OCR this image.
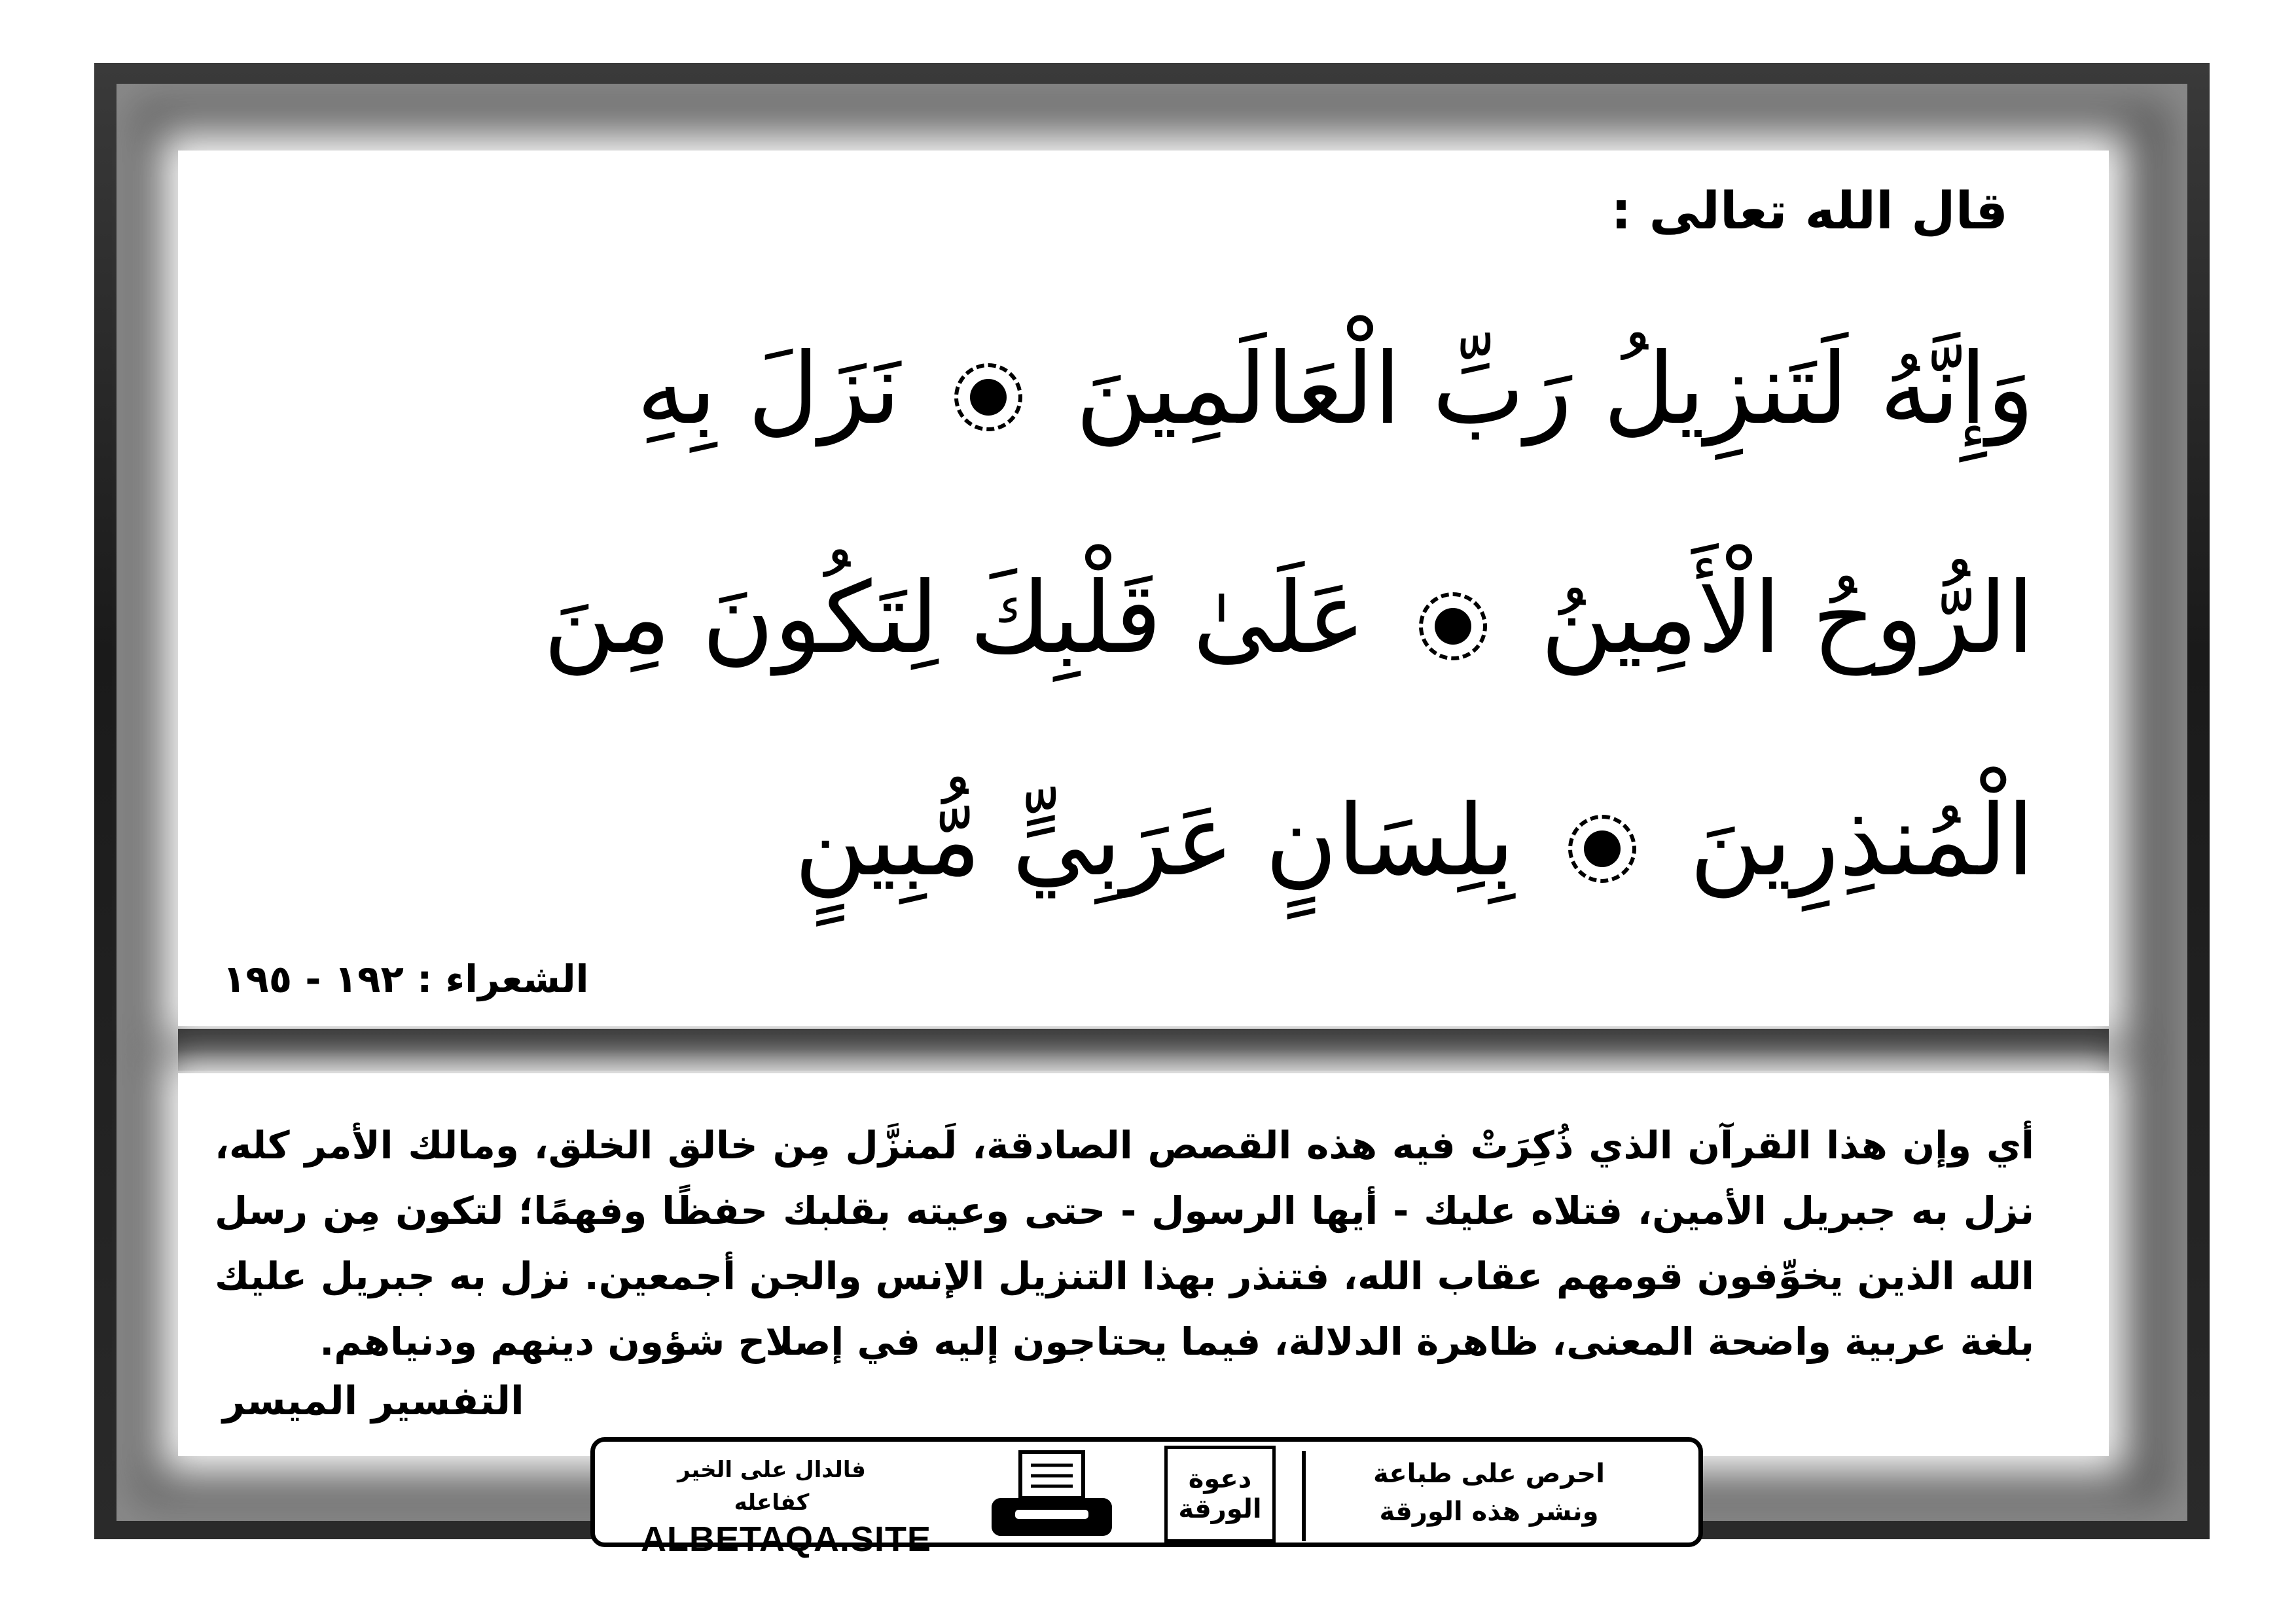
قال الله تعالى :
وَإِنَّهُ لَتَنزِيلُ رَبِّ الْعَالَمِينَ  نَزَلَ بِهِ
الرُّوحُ الْأَمِينُ  عَلَىٰ قَلْبِكَ لِتَكُونَ مِنَ
الْمُنذِرِينَ  بِلِسَانٍ عَرَبِيٍّ مُّبِينٍ
الشعراء : ١٩٢ - ١٩٥
أي وإن هذا القرآن الذي ذُكِرَتْ فيه هذه القصص الصادقة، لَمنزَّل مِن خالق الخلق، ومالك الأمر كله، نزل به جبريل الأمين، فتلاه عليك - أيها الرسول - حتى وعيته بقلبك حفظًا وفهمًا؛ لتكون مِن رسل الله الذين يخوِّفون قومهم عقاب الله، فتنذر بهذا التنزيل الإنس والجن أجمعين. نزل به جبريل عليك بلغة عربية واضحة المعنى، ظاهرة الدلالة، فيما يحتاجون إليه في إصلاح شؤون دينهم ودنياهم.
التفسير الميسر
فالدال على الخير كفاعله
ALBETAQA.SITE
دعوة الورقة
احرص على طباعة
ونشر هذه الورقة
